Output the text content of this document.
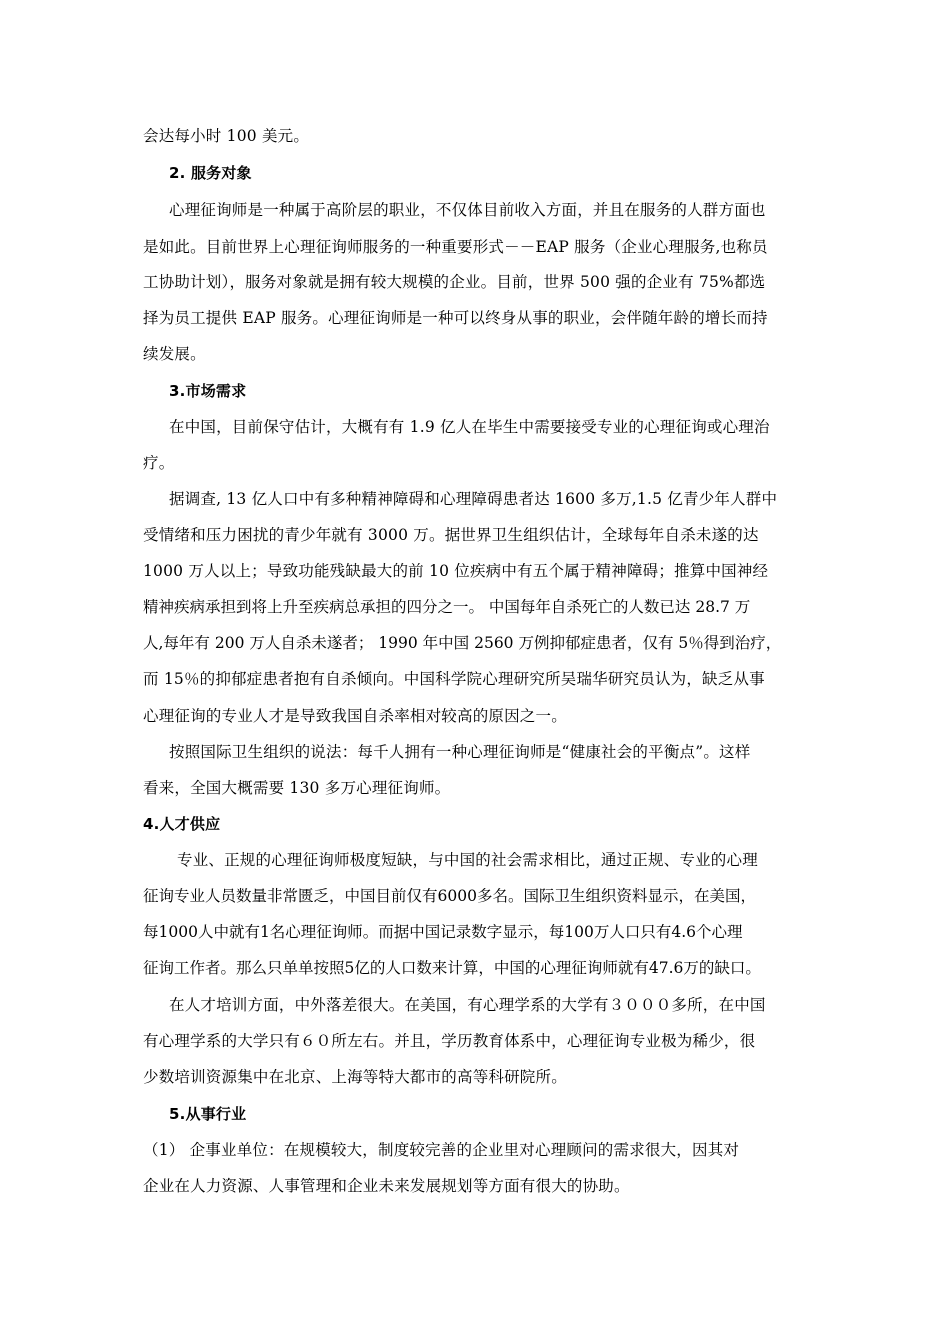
会达每小时 100 美元。
2. 服务对象
心理征询师是一种属于高阶层的职业，不仅体目前收入方面，并且在服务的人群方面也
是如此。目前世界上心理征询师服务的一种重要形式－－EAP 服务（企业心理服务,也称员
工协助计划），服务对象就是拥有较大规模的企业。目前，世界 500 强的企业有 75%都选
择为员工提供 EAP 服务。心理征询师是一种可以终身从事的职业，会伴随年龄的增长而持
续发展。
3.市场需求
在中国，目前保守估计，大概有有 1.9 亿人在毕生中需要接受专业的心理征询或心理治
疗。
据调查, 13 亿人口中有多种精神障碍和心理障碍患者达 1600 多万,1.5 亿青少年人群中
受情绪和压力困扰的青少年就有 3000 万。据世界卫生组织估计，全球每年自杀未遂的达
1000 万人以上；导致功能残缺最大的前 10 位疾病中有五个属于精神障碍；推算中国神经
精神疾病承担到将上升至疾病总承担的四分之一。 中国每年自杀死亡的人数已达 28.7 万
人,每年有 200 万人自杀未遂者； 1990 年中国 2560 万例抑郁症患者，仅有 5％得到治疗，
而 15％的抑郁症患者抱有自杀倾向。中国科学院心理研究所吴瑞华研究员认为，缺乏从事
心理征询的专业人才是导致我国自杀率相对较高的原因之一。
按照国际卫生组织的说法：每千人拥有一种心理征询师是“健康社会的平衡点”。这样
看来，全国大概需要 130 多万心理征询师。
4.人才供应
专业、正规的心理征询师极度短缺，与中国的社会需求相比，通过正规、专业的心理
征询专业人员数量非常匮乏，中国目前仅有6000多名。国际卫生组织资料显示，在美国，
每1000人中就有1名心理征询师。而据中国记录数字显示，每100万人口只有4.6个心理
征询工作者。那么只单单按照5亿的人口数来计算，中国的心理征询师就有47.6万的缺口。
在人才培训方面，中外落差很大。在美国，有心理学系的大学有３０００多所，在中国
有心理学系的大学只有６０所左右。并且，学历教育体系中，心理征询专业极为稀少，很
少数培训资源集中在北京、上海等特大都市的高等科研院所。
5.从事行业
（1） 企事业单位：在规模较大，制度较完善的企业里对心理顾问的需求很大，因其对
企业在人力资源、人事管理和企业未来发展规划等方面有很大的协助。
